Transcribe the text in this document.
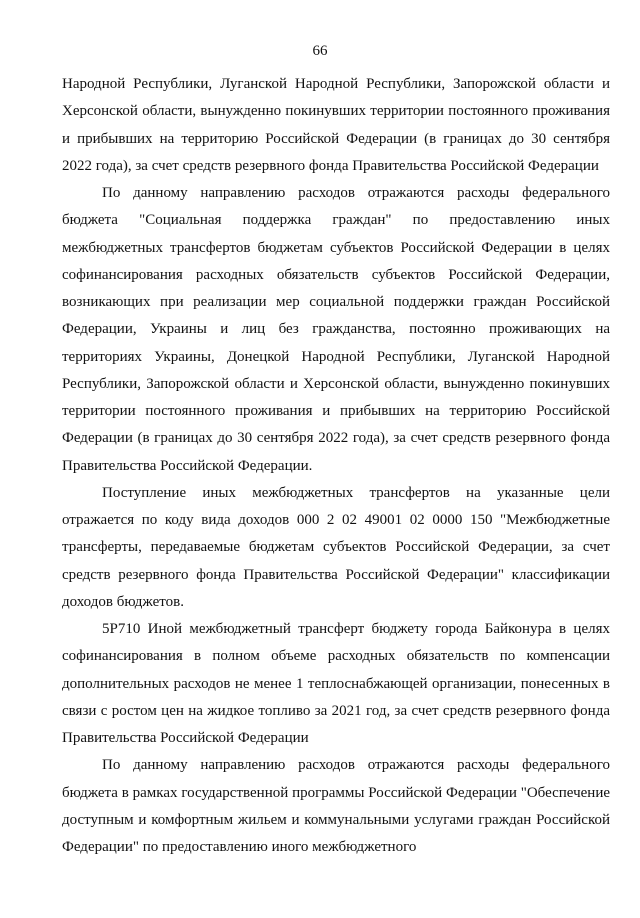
66

Народной Республики, Луганской Народной Республики, Запорожской области и Херсонской области, вынужденно покинувших территории постоянного проживания и прибывших на территорию Российской Федерации (в границах до 30 сентября 2022 года), за счет средств резервного фонда Правительства Российской Федерации

По данному направлению расходов отражаются расходы федерального бюджета "Социальная поддержка граждан" по предоставлению иных межбюджетных трансфертов бюджетам субъектов Российской Федерации в целях софинансирования расходных обязательств субъектов Российской Федерации, возникающих при реализации мер социальной поддержки граждан Российской Федерации, Украины и лиц без гражданства, постоянно проживающих на территориях Украины, Донецкой Народной Республики, Луганской Народной Республики, Запорожской области и Херсонской области, вынужденно покинувших территории постоянного проживания и прибывших на территорию Российской Федерации (в границах до 30 сентября 2022 года), за счет средств резервного фонда Правительства Российской Федерации.

Поступление иных межбюджетных трансфертов на указанные цели отражается по коду вида доходов 000 2 02 49001 02 0000 150 "Межбюджетные трансферты, передаваемые бюджетам субъектов Российской Федерации, за счет средств резервного фонда Правительства Российской Федерации" классификации доходов бюджетов.

5Р710 Иной межбюджетный трансферт бюджету города Байконура в целях софинансирования в полном объеме расходных обязательств по компенсации дополнительных расходов не менее 1 теплоснабжающей организации, понесенных в связи с ростом цен на жидкое топливо за 2021 год, за счет средств резервного фонда Правительства Российской Федерации

По данному направлению расходов отражаются расходы федерального бюджета в рамках государственной программы Российской Федерации "Обеспечение доступным и комфортным жильем и коммунальными услугами граждан Российской Федерации" по предоставлению иного межбюджетного
